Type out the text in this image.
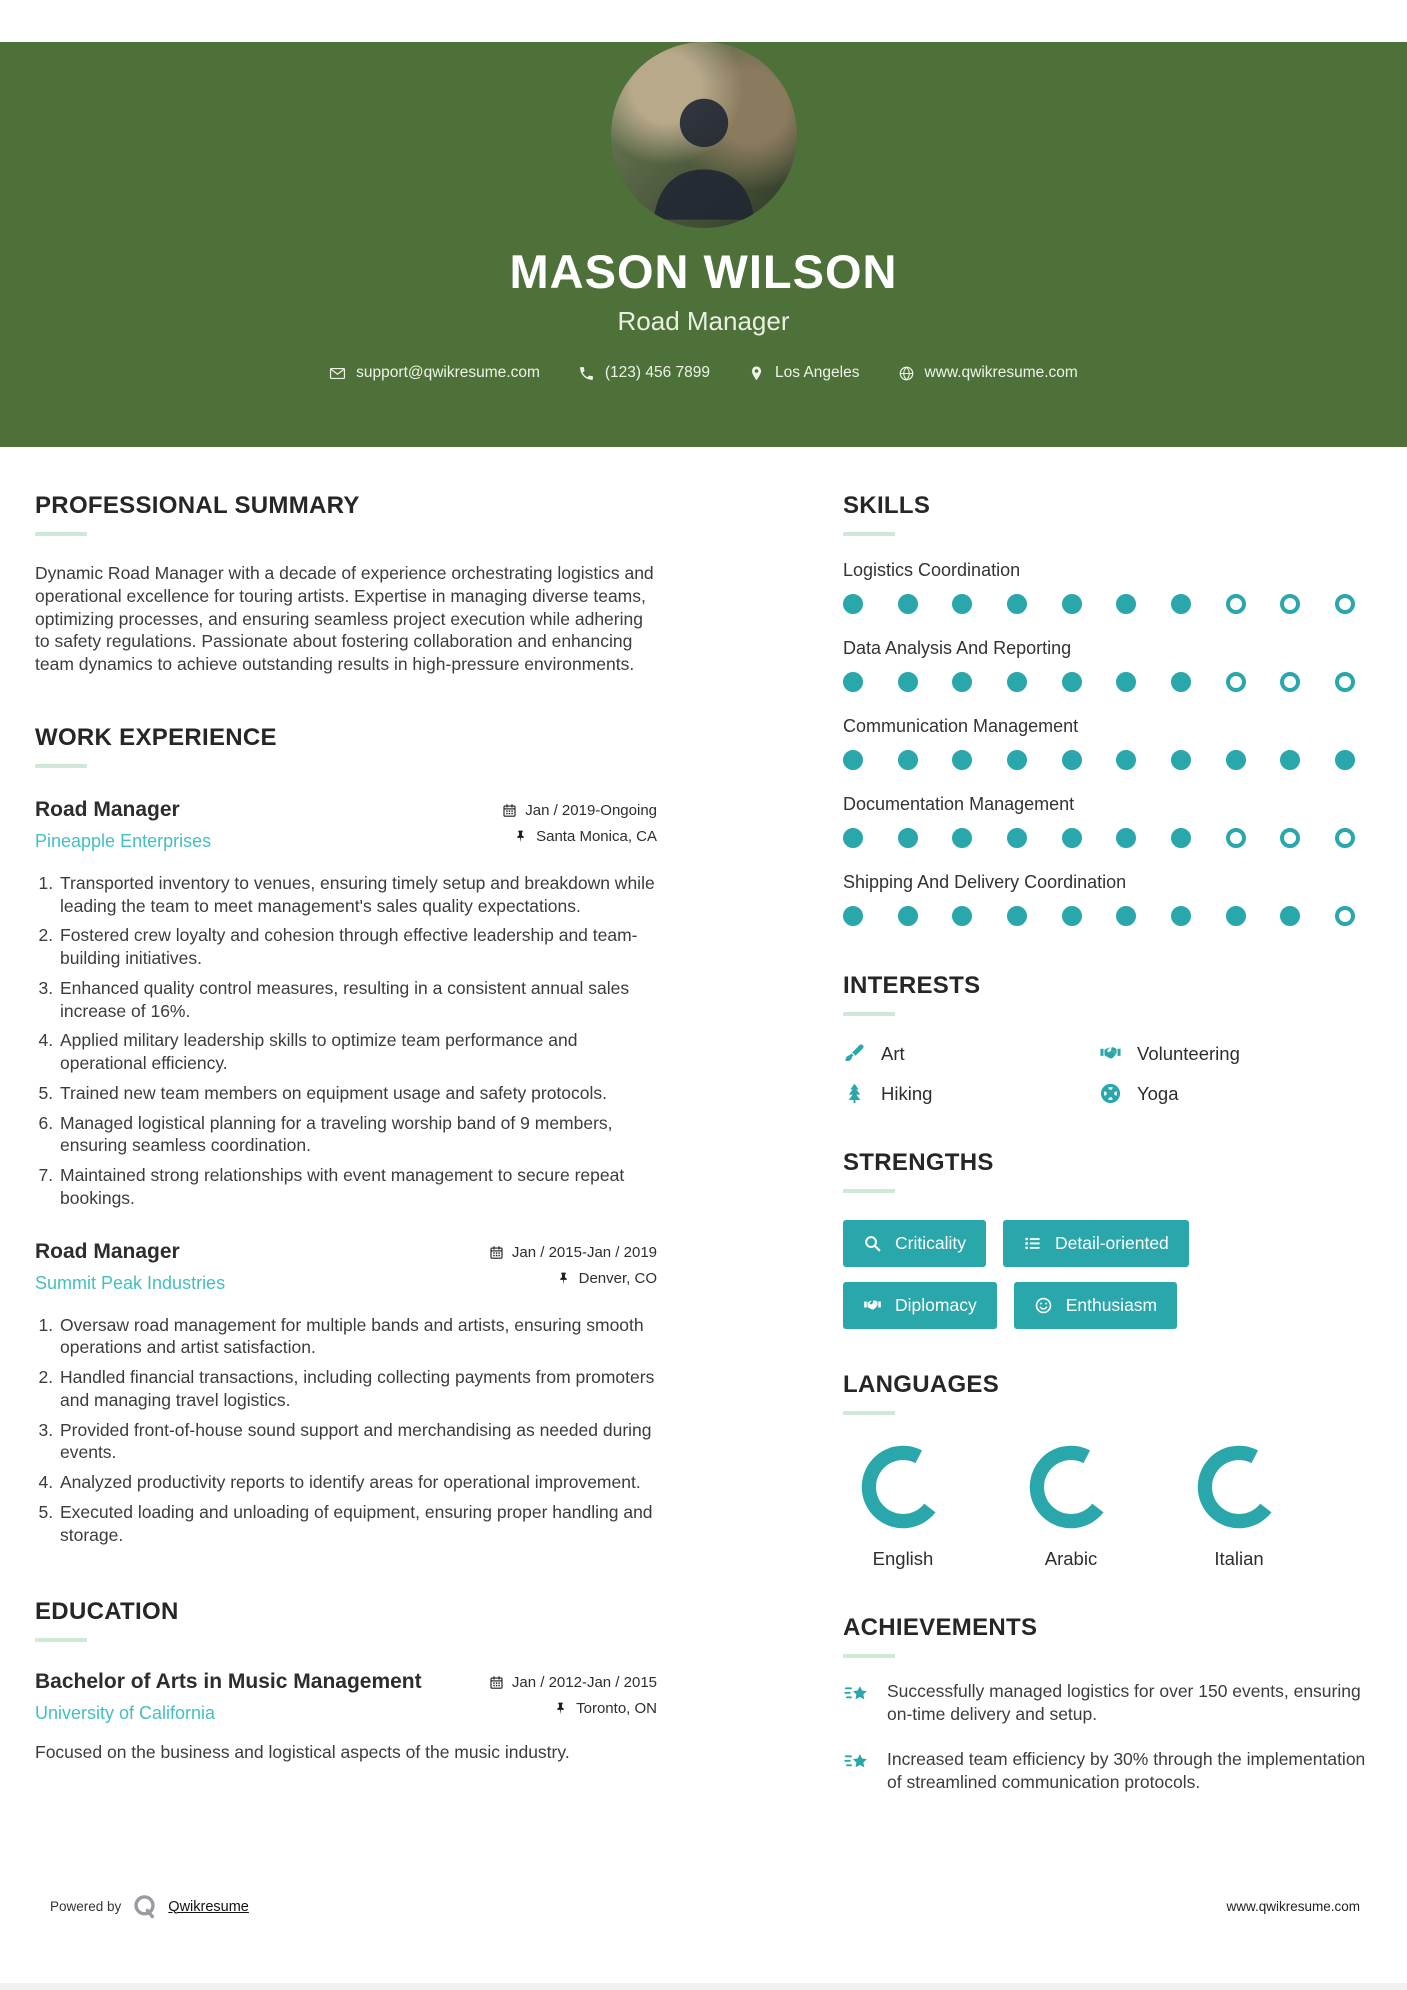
MASON WILSON
Road Manager
support@qwikresume.com	(123) 456 7899	Los Angeles	www.qwikresume.com
PROFESSIONAL SUMMARY

Dynamic Road Manager with a decade of experience orchestrating logistics and operational excellence for touring artists. Expertise in managing diverse teams, optimizing processes, and ensuring seamless project execution while adhering to safety regulations. Passionate about fostering collaboration and enhancing team dynamics to achieve outstanding results in high-pressure environments.

WORK EXPERIENCE
Road Manager
Pineapple Enterprises
Jan / 2019-Ongoing
Santa Monica, CA
1. Transported inventory to venues, ensuring timely setup and breakdown while leading the team to meet management's sales quality expectations.
2. Fostered crew loyalty and cohesion through effective leadership and team-building initiatives.
3. Enhanced quality control measures, resulting in a consistent annual sales increase of 16%.
4. Applied military leadership skills to optimize team performance and operational efficiency.
5. Trained new team members on equipment usage and safety protocols.
6. Managed logistical planning for a traveling worship band of 9 members, ensuring seamless coordination.
7. Maintained strong relationships with event management to secure repeat bookings.
Road Manager
Summit Peak Industries
Jan / 2015-Jan / 2019
Denver, CO
1. Oversaw road management for multiple bands and artists, ensuring smooth operations and artist satisfaction.
2. Handled financial transactions, including collecting payments from promoters and managing travel logistics.
3. Provided front-of-house sound support and merchandising as needed during events.
4. Analyzed productivity reports to identify areas for operational improvement.
5. Executed loading and unloading of equipment, ensuring proper handling and storage.
EDUCATION
Bachelor of Arts in Music Management
University of California
Jan / 2012-Jan / 2015
Toronto, ON
Focused on the business and logistical aspects of the music industry.
SKILLS
Logistics Coordination
Data Analysis And Reporting
Communication Management
Documentation Management
Shipping And Delivery Coordination
INTERESTS
Art	Volunteering
Hiking	Yoga
STRENGTHS
Criticality	Detail-oriented
Diplomacy	Enthusiasm
LANGUAGES
English	Arabic	Italian
ACHIEVEMENTS

Successfully managed logistics for over 150 events, ensuring on-time delivery and setup.

Increased team efficiency by 30% through the implementation of streamlined communication protocols.

Powered by	Qwikresume	www.qwikresume.com
